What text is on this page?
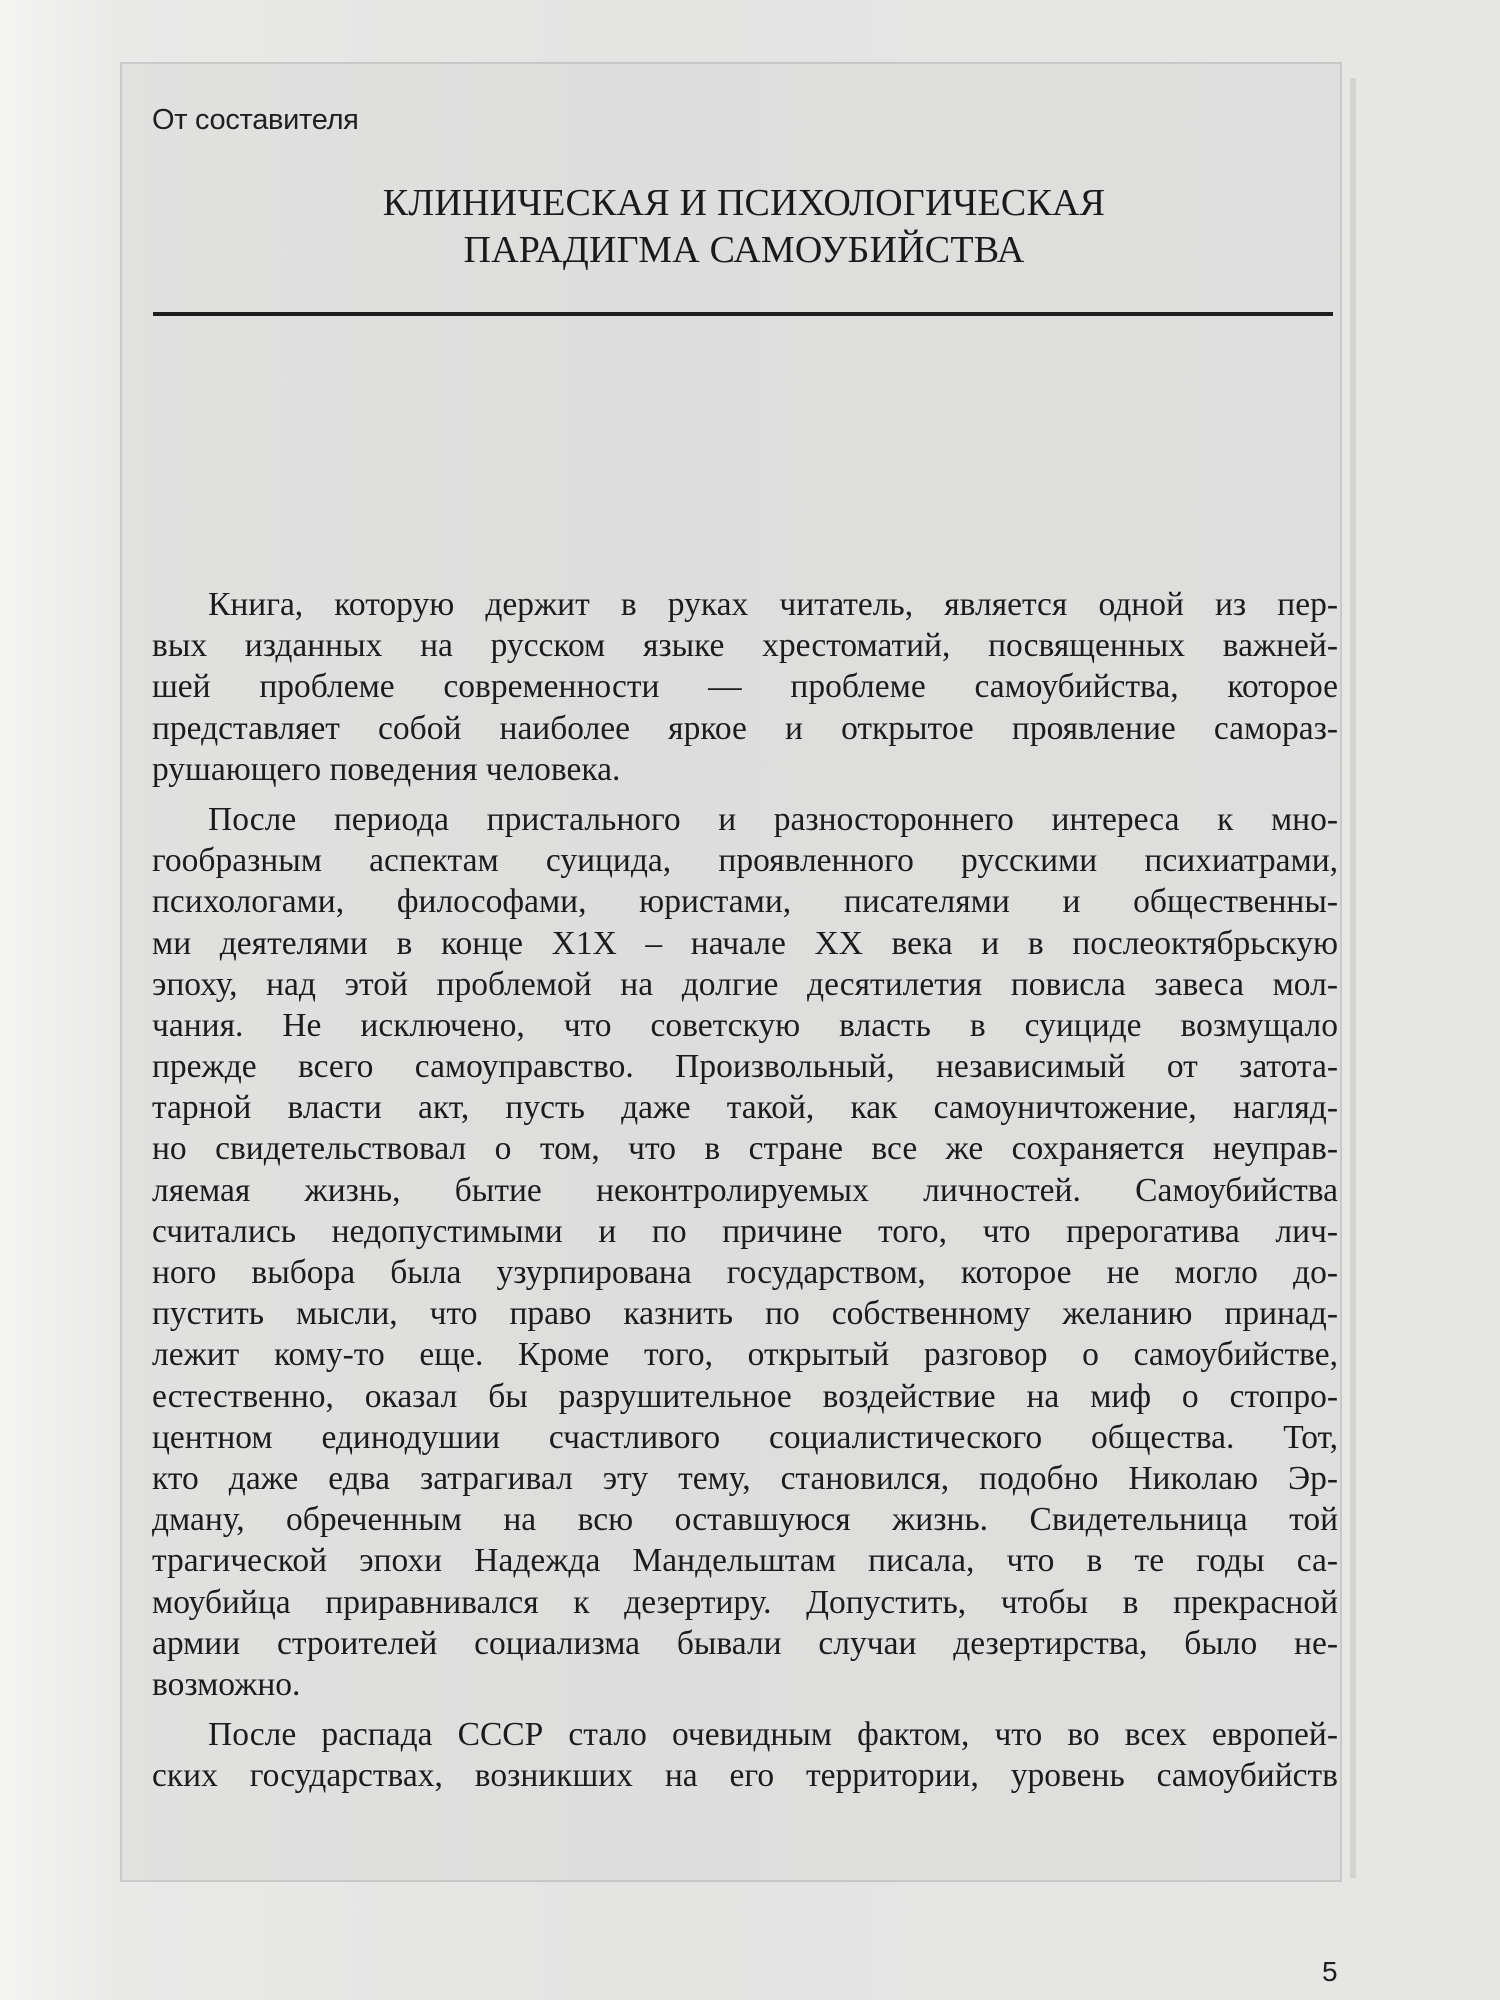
От составителя
КЛИНИЧЕСКАЯ И ПСИХОЛОГИЧЕСКАЯ
ПАРАДИГМА САМОУБИЙСТВА
Книга, которую держит в руках читатель, является одной из пер-
вых изданных на русском языке хрестоматий, посвященных важней-
шей проблеме современности — проблеме самоубийства, которое
представляет собой наиболее яркое и открытое проявление самораз-
рушающего поведения человека.
После периода пристального и разностороннего интереса к мно-
гообразным аспектам суицида, проявленного русскими психиатрами,
психологами, философами, юристами, писателями и общественны-
ми деятелями в конце X1X – начале XX века и в послеоктябрьскую
эпоху, над этой проблемой на долгие десятилетия повисла завеса мол-
чания. Не исключено, что советскую власть в суициде возмущало
прежде всего самоуправство. Произвольный, независимый от затота-
тарной власти акт, пусть даже такой, как самоуничтожение, нагляд-
но свидетельствовал о том, что в стране все же сохраняется неуправ-
ляемая жизнь, бытие неконтролируемых личностей. Самоубийства
считались недопустимыми и по причине того, что прерогатива лич-
ного выбора была узурпирована государством, которое не могло до-
пустить мысли, что право казнить по собственному желанию принад-
лежит кому-то еще. Кроме того, открытый разговор о самоубийстве,
естественно, оказал бы разрушительное воздействие на миф о стопро-
центном единодушии счастливого социалистического общества. Тот,
кто даже едва затрагивал эту тему, становился, подобно Николаю Эр-
дману, обреченным на всю оставшуюся жизнь. Свидетельница той
трагической эпохи Надежда Мандельштам писала, что в те годы са-
моубийца приравнивался к дезертиру. Допустить, чтобы в прекрасной
армии строителей социализма бывали случаи дезертирства, было не-
возможно.
После распада СССР стало очевидным фактом, что во всех европей-
ских государствах, возникших на его территории, уровень самоубийств
5
